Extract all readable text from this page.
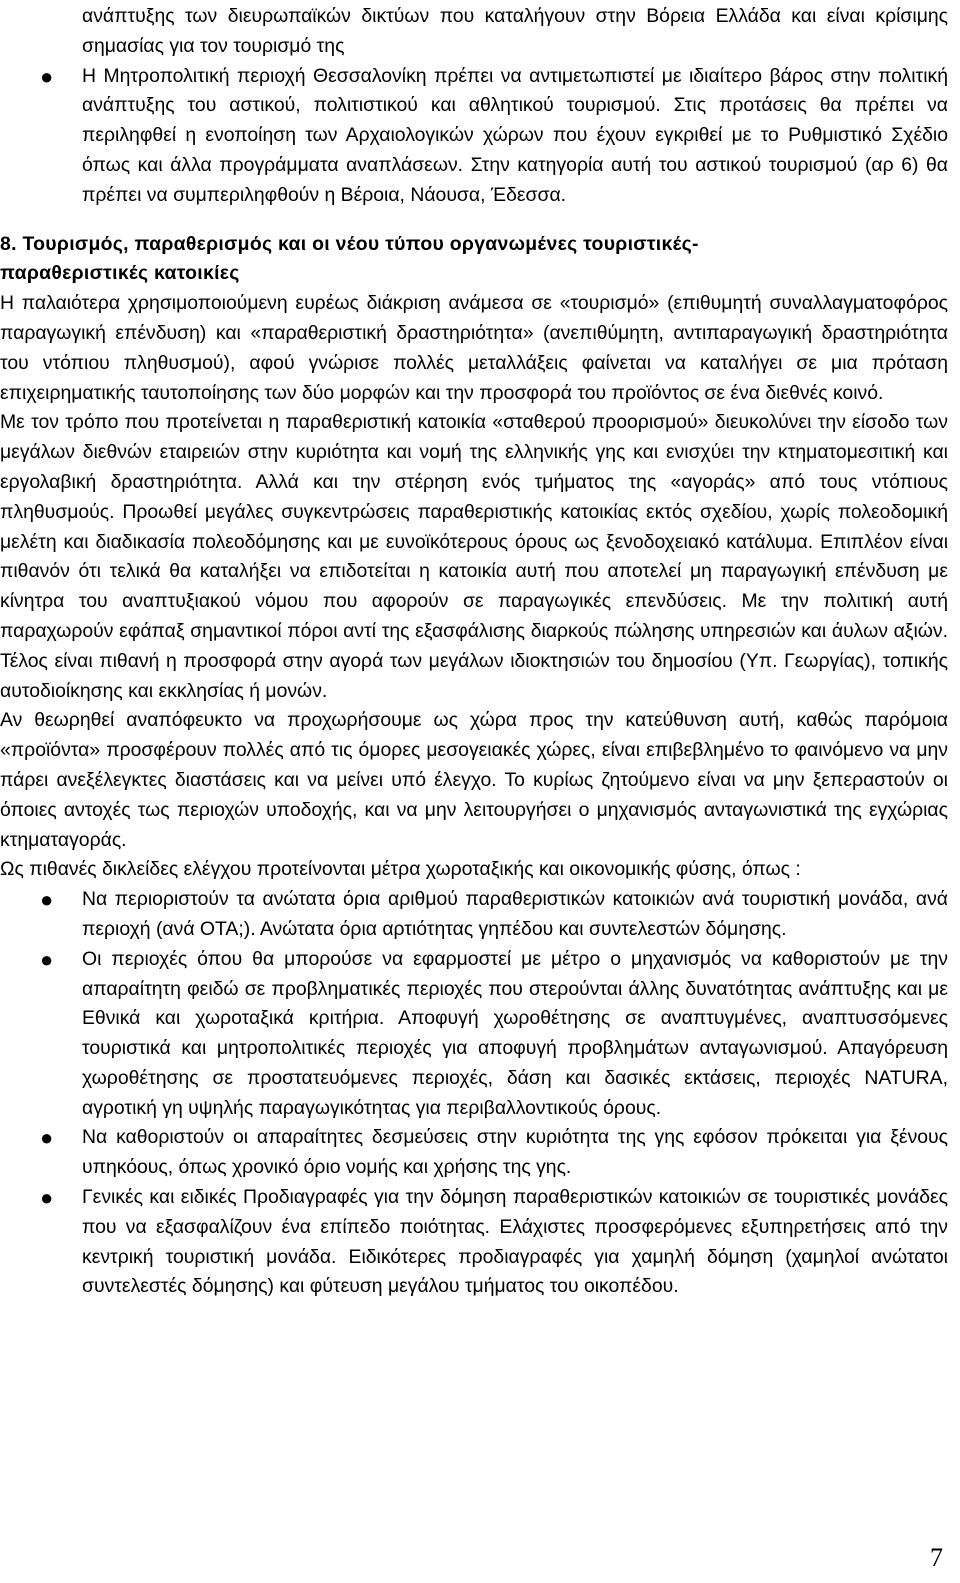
ανάπτυξης των διευρωπαϊκών δικτύων που καταλήγουν στην Βόρεια Ελλάδα και είναι κρίσιμης σημασίας για τον τουρισμό της

● Η Μητροπολιτική περιοχή Θεσσαλονίκη πρέπει να αντιμετωπιστεί με ιδιαίτερο βάρος στην πολιτική ανάπτυξης του αστικού, πολιτιστικού και αθλητικού τουρισμού. Στις προτάσεις θα πρέπει να περιληφθεί η ενοποίηση των Αρχαιολογικών χώρων που έχουν εγκριθεί με το Ρυθμιστικό Σχέδιο όπως και άλλα προγράμματα αναπλάσεων. Στην κατηγορία αυτή του αστικού τουρισμού (αρ 6) θα πρέπει να συμπεριληφθούν η Βέροια, Νάουσα, Έδεσσα.

8. Τουρισμός, παραθερισμός και οι νέου τύπου οργανωμένες τουριστικές-
παραθεριστικές κατοικίες

Η παλαιότερα χρησιμοποιούμενη ευρέως διάκριση ανάμεσα σε «τουρισμό» (επιθυμητή συναλλαγματοφόρος παραγωγική επένδυση) και «παραθεριστική δραστηριότητα» (ανεπιθύμητη, αντιπαραγωγική δραστηριότητα του ντόπιου πληθυσμού), αφού γνώρισε πολλές μεταλλάξεις φαίνεται να καταλήγει σε μια πρόταση επιχειρηματικής ταυτοποίησης των δύο μορφών και την προσφορά του προϊόντος σε ένα διεθνές κοινό.

Με τον τρόπο που προτείνεται η παραθεριστική κατοικία «σταθερού προορισμού» διευκολύνει την είσοδο των μεγάλων διεθνών εταιρειών στην κυριότητα και νομή της ελληνικής γης και ενισχύει την κτηματομεσιτική και εργολαβική δραστηριότητα. Αλλά και την στέρηση ενός τμήματος της «αγοράς» από τους ντόπιους πληθυσμούς. Προωθεί μεγάλες συγκεντρώσεις παραθεριστικής κατοικίας εκτός σχεδίου, χωρίς πολεοδομική μελέτη και διαδικασία πολεοδόμησης και με ευνοϊκότερους όρους ως ξενοδοχειακό κατάλυμα. Επιπλέον είναι πιθανόν ότι τελικά θα καταλήξει να επιδοτείται η κατοικία αυτή που αποτελεί μη παραγωγική επένδυση με κίνητρα του αναπτυξιακού νόμου που αφορούν σε παραγωγικές επενδύσεις. Με την πολιτική αυτή παραχωρούν εφάπαξ σημαντικοί πόροι αντί της εξασφάλισης διαρκούς πώλησης υπηρεσιών και άυλων αξιών. Τέλος είναι πιθανή η προσφορά στην αγορά των μεγάλων ιδιοκτησιών του δημοσίου (Υπ. Γεωργίας), τοπικής αυτοδιοίκησης και εκκλησίας ή μονών.

Αν θεωρηθεί αναπόφευκτο να προχωρήσουμε ως χώρα προς την κατεύθυνση αυτή, καθώς παρόμοια «προϊόντα» προσφέρουν πολλές από τις όμορες μεσογειακές χώρες, είναι επιβεβλημένο το φαινόμενο να μην πάρει ανεξέλεγκτες διαστάσεις και να μείνει υπό έλεγχο. Το κυρίως ζητούμενο είναι να μην ξεπεραστούν οι όποιες αντοχές τως περιοχών υποδοχής, και να μην λειτουργήσει ο μηχανισμός ανταγωνιστικά της εγχώριας κτηματαγοράς.

Ως πιθανές δικλείδες ελέγχου προτείνονται μέτρα χωροταξικής και οικονομικής φύσης, όπως :

● Να περιοριστούν τα ανώτατα όρια αριθμού παραθεριστικών κατοικιών ανά τουριστική μονάδα, ανά περιοχή (ανά ΟΤΑ;). Ανώτατα όρια αρτιότητας γηπέδου και συντελεστών δόμησης.

● Οι περιοχές όπου θα μπορούσε να εφαρμοστεί με μέτρο ο μηχανισμός να καθοριστούν με την απαραίτητη φειδώ σε προβληματικές περιοχές που στερούνται άλλης δυνατότητας ανάπτυξης και με Εθνικά και χωροταξικά κριτήρια. Αποφυγή χωροθέτησης σε αναπτυγμένες, αναπτυσσόμενες τουριστικά και μητροπολιτικές περιοχές για αποφυγή προβλημάτων ανταγωνισμού. Απαγόρευση χωροθέτησης σε προστατευόμενες περιοχές, δάση και δασικές εκτάσεις, περιοχές NATURA, αγροτική γη υψηλής παραγωγικότητας για περιβαλλοντικούς όρους.

● Να καθοριστούν οι απαραίτητες δεσμεύσεις στην κυριότητα της γης εφόσον πρόκειται για ξένους υπηκόους, όπως χρονικό όριο νομής και χρήσης της γης.

● Γενικές και ειδικές Προδιαγραφές για την δόμηση παραθεριστικών κατοικιών σε τουριστικές μονάδες που να εξασφαλίζουν ένα επίπεδο ποιότητας. Ελάχιστες προσφερόμενες εξυπηρετήσεις από την κεντρική τουριστική μονάδα. Ειδικότερες προδιαγραφές για χαμηλή δόμηση (χαμηλοί ανώτατοι συντελεστές δόμησης) και φύτευση μεγάλου τμήματος του οικοπέδου.

7
